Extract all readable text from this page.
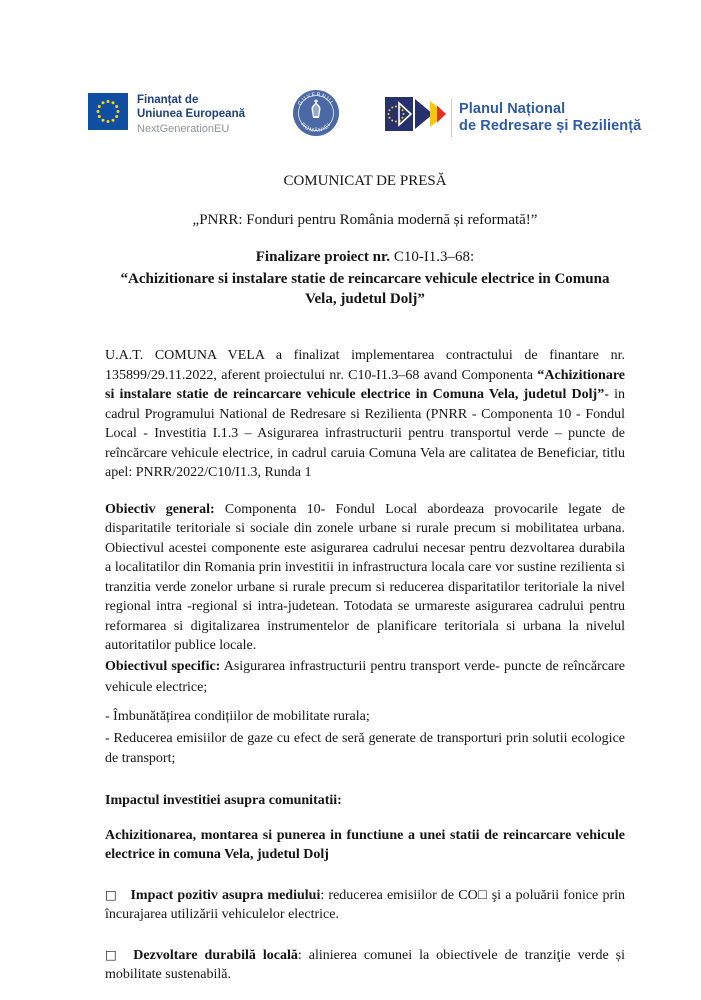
Finanțat de
Uniunea Europeană
NextGenerationEU
GUVERNUL
ROMÂNIEI
Planul Național
de Redresare și Reziliență
COMUNICAT DE PRESĂ
„PNRR: Fonduri pentru România modernă și reformată!”
Finalizare proiect nr. C10-I1.3–68:
“Achizitionare si instalare statie de reincarcare vehicule electrice in Comuna Vela, judetul Dolj”

U.A.T. COMUNA VELA a finalizat implementarea contractului de finantare nr. 135899/29.11.2022, aferent proiectului nr. C10-I1.3–68 avand Componenta “Achizitionare si instalare statie de reincarcare vehicule electrice in Comuna Vela, judetul Dolj”- in cadrul Programului National de Redresare si Rezilienta (PNRR - Componenta 10 - Fondul Local - Investitia I.1.3 – Asigurarea infrastructurii pentru transportul verde – puncte de reîncărcare vehicule electrice, in cadrul caruia Comuna Vela are calitatea de Beneficiar, titlu apel: PNRR/2022/C10/I1.3, Runda 1

Obiectiv general: Componenta 10- Fondul Local abordeaza provocarile legate de disparitatile teritoriale si sociale din zonele urbane si rurale precum si mobilitatea urbana. Obiectivul acestei componente este asigurarea cadrului necesar pentru dezvoltarea durabila a localitatilor din Romania prin investitii in infrastructura locala care vor sustine rezilienta si tranzitia verde zonelor urbane si rurale precum si reducerea disparitatilor teritoriale la nivel regional intra -regional si intra-judetean. Totodata se urmareste asigurarea cadrului pentru reformarea si digitalizarea instrumentelor de planificare teritoriala si urbana la nivelul autoritatilor publice locale.

Obiectivul specific: Asigurarea infrastructurii pentru transport verde- puncte de reîncărcare vehicule electrice;

- Îmbunătățirea condițiilor de mobilitate rurala;

- Reducerea emisiilor de gaze cu efect de seră generate de transporturi prin solutii ecologice de transport;

Impactul investitiei asupra comunitatii:

Achizitionarea, montarea si punerea in functiune a unei statii de reincarcare vehicule electrice in comuna Vela, judetul Dolj

□ Impact pozitiv asupra mediului: reducerea emisiilor de CO□ şi a poluării fonice prin încurajarea utilizării vehiculelor electrice.

□ Dezvoltare durabilă locală: alinierea comunei la obiectivele de tranziţie verde și mobilitate sustenabilă.
